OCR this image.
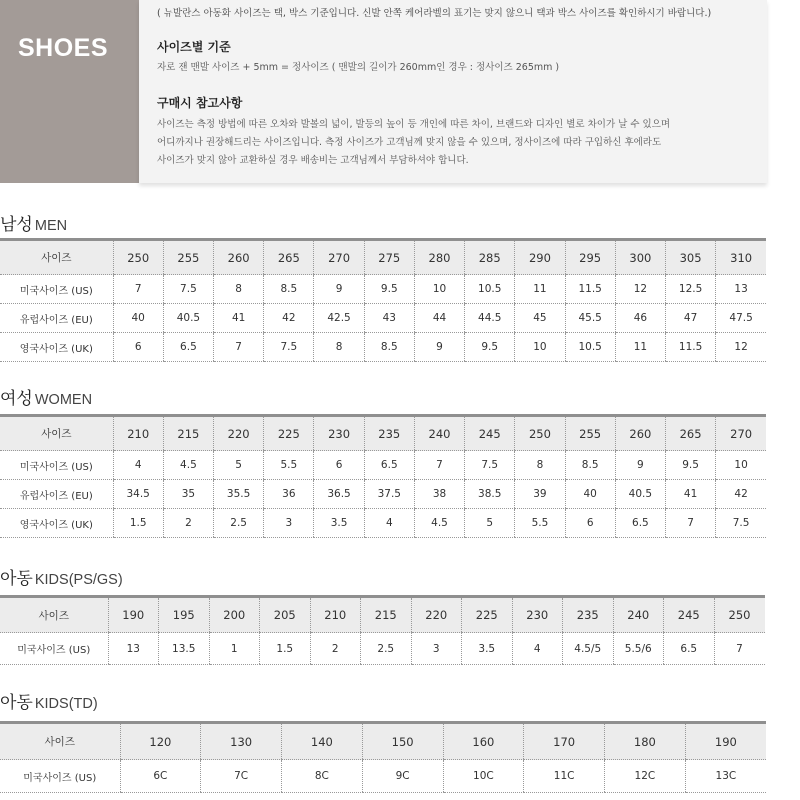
SHOES
( 뉴발란스 아동화 사이즈는 택, 박스 기준입니다. 신발 안쪽 케어라벨의 표기는 맞지 않으니 택과 박스 사이즈를 확인하시기 바랍니다.)
사이즈별 기준
자로 잰 맨발 사이즈 + 5mm = 정사이즈 ( 맨발의 길이가 260mm인 경우 : 정사이즈 265mm )
구매시 참고사항
사이즈는 측정 방법에 따른 오차와 발볼의 넓이, 발등의 높이 등 개인에 따른 차이, 브랜드와 디자인 별로 차이가 날 수 있으며
어디까지나 권장해드리는 사이즈입니다. 측정 사이즈가 고객님께 맞지 않을 수 있으며, 정사이즈에 따라 구입하신 후에라도
사이즈가 맞지 않아 교환하실 경우 배송비는 고객님께서 부담하셔야 합니다.
남성 MEN
사이즈	250	255	260	265	270	275	280	285	290	295	300	305	310
미국사이즈 (US)	7	7.5	8	8.5	9	9.5	10	10.5	11	11.5	12	12.5	13
유럽사이즈 (EU)	40	40.5	41	42	42.5	43	44	44.5	45	45.5	46	47	47.5
영국사이즈 (UK)	6	6.5	7	7.5	8	8.5	9	9.5	10	10.5	11	11.5	12
여성 WOMEN
사이즈	210	215	220	225	230	235	240	245	250	255	260	265	270
미국사이즈 (US)	4	4.5	5	5.5	6	6.5	7	7.5	8	8.5	9	9.5	10
유럽사이즈 (EU)	34.5	35	35.5	36	36.5	37.5	38	38.5	39	40	40.5	41	42
영국사이즈 (UK)	1.5	2	2.5	3	3.5	4	4.5	5	5.5	6	6.5	7	7.5
아동 KIDS(PS/GS)
사이즈	190	195	200	205	210	215	220	225	230	235	240	245	250
미국사이즈 (US)	13	13.5	1	1.5	2	2.5	3	3.5	4	4.5/5	5.5/6	6.5	7
아동 KIDS(TD)
사이즈	120	130	140	150	160	170	180	190
미국사이즈 (US)	6C	7C	8C	9C	10C	11C	12C	13C
